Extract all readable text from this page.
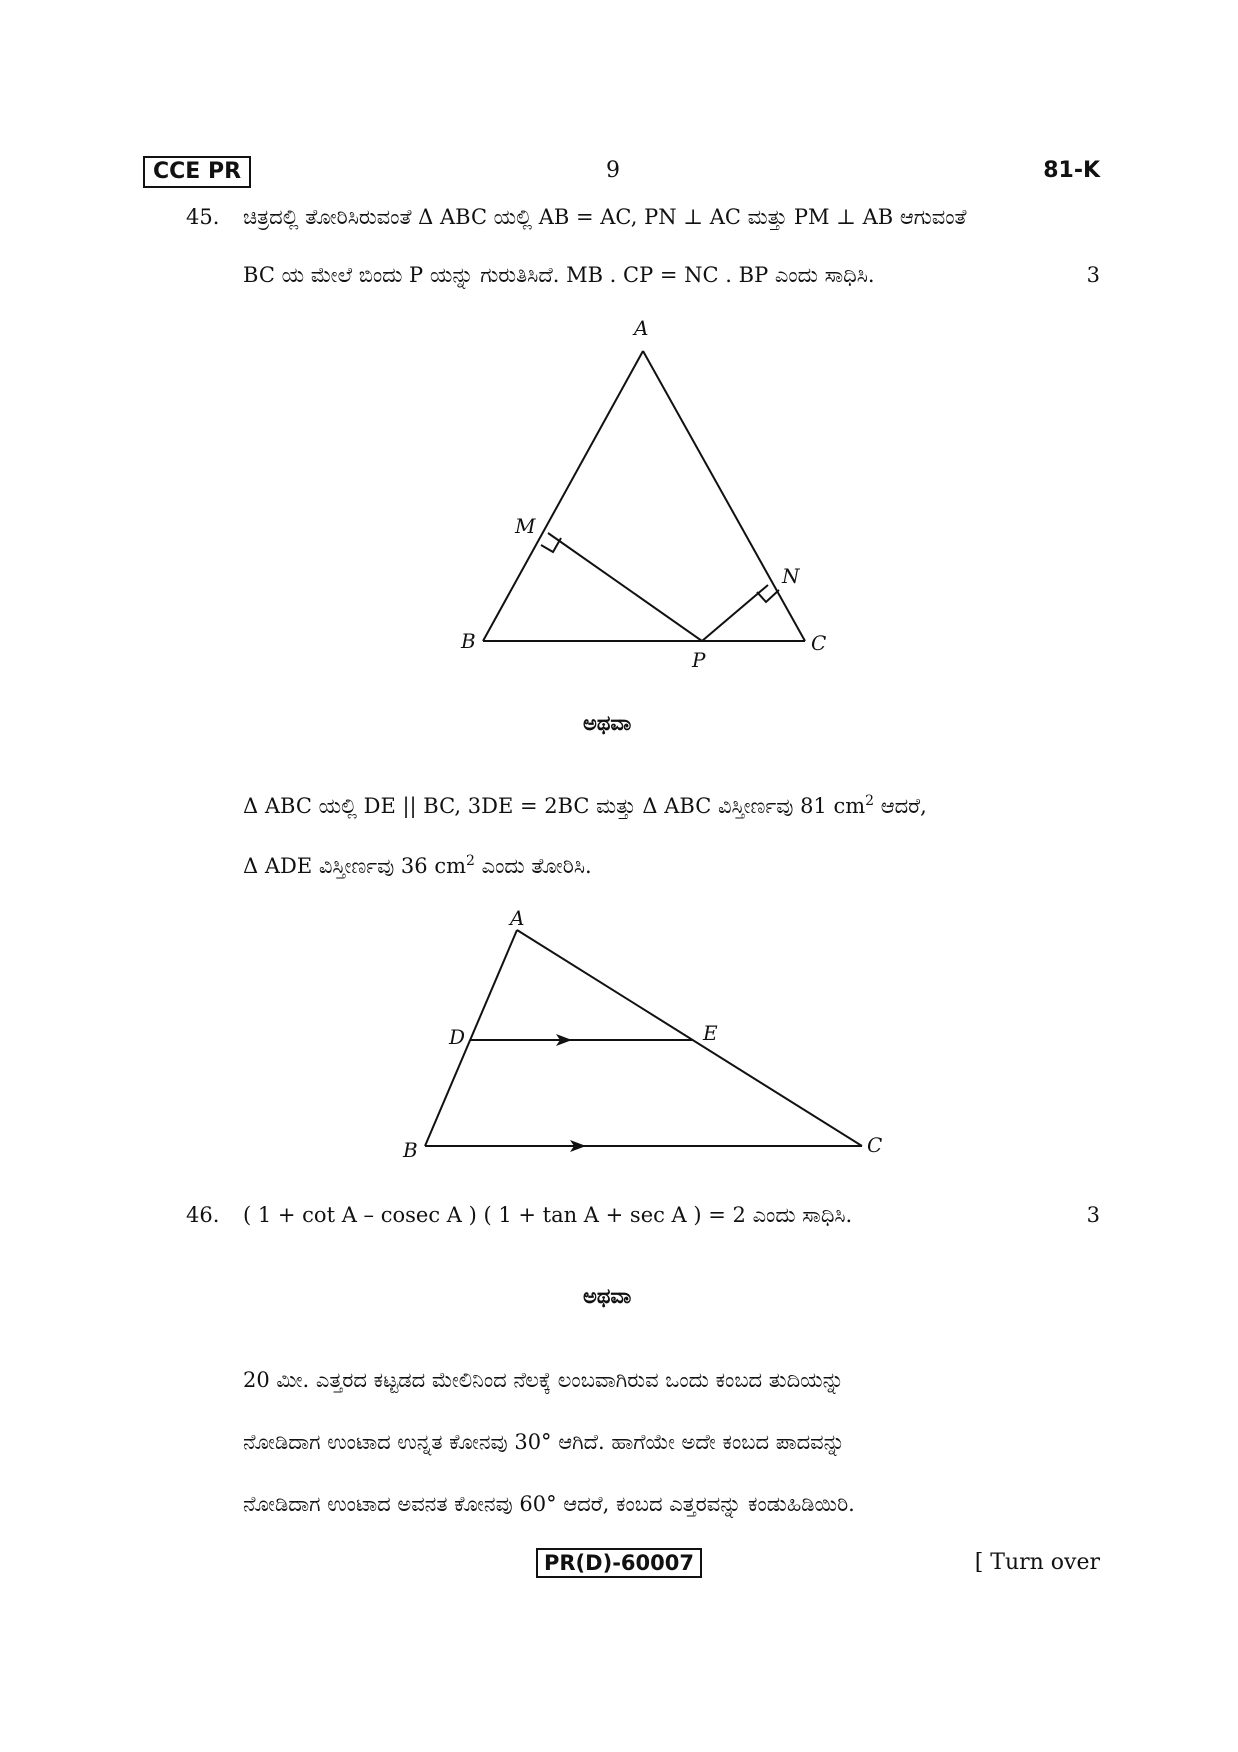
CCE PR	9	81-K
45. ಚಿತ್ರದಲ್ಲಿ ತೋರಿಸಿರುವಂತೆ Δ ABC ಯಲ್ಲಿ AB = AC, PN ⊥ AC ಮತ್ತು PM ⊥ AB ಆಗುವಂತೆ
BC ಯ ಮೇಲೆ ಬಿಂದು P ಯನ್ನು ಗುರುತಿಸಿದೆ. MB . CP = NC . BP ಎಂದು ಸಾಧಿಸಿ.	3
A
M
N
B	C
P
ಅಥವಾ
Δ ABC ಯಲ್ಲಿ DE || BC, 3DE = 2BC ಮತ್ತು Δ ABC ವಿಸ್ತೀರ್ಣವು 81 $cm^2$ ಆದರೆ,
Δ ADE ವಿಸ್ತೀರ್ಣವು 36 $cm^2$ ಎಂದು ತೋರಿಸಿ.
A
D	E
B	C
46. ( 1 + cot A – cosec A ) ( 1 + tan A + sec A ) = 2 ಎಂದು ಸಾಧಿಸಿ.	3
ಅಥವಾ
20 ಮೀ. ಎತ್ತರದ ಕಟ್ಟಡದ ಮೇಲಿನಿಂದ ನೆಲಕ್ಕೆ ಲಂಬವಾಗಿರುವ ಒಂದು ಕಂಬದ ತುದಿಯನ್ನು
ನೋಡಿದಾಗ ಉಂಟಾದ ಉನ್ನತ ಕೋನವು 30° ಆಗಿದೆ. ಹಾಗೆಯೇ ಅದೇ ಕಂಬದ ಪಾದವನ್ನು
ನೋಡಿದಾಗ ಉಂಟಾದ ಅವನತ ಕೋನವು 60° ಆದರೆ, ಕಂಬದ ಎತ್ತರವನ್ನು ಕಂಡುಹಿಡಿಯಿರಿ.
PR(D)-60007	[ Turn over
